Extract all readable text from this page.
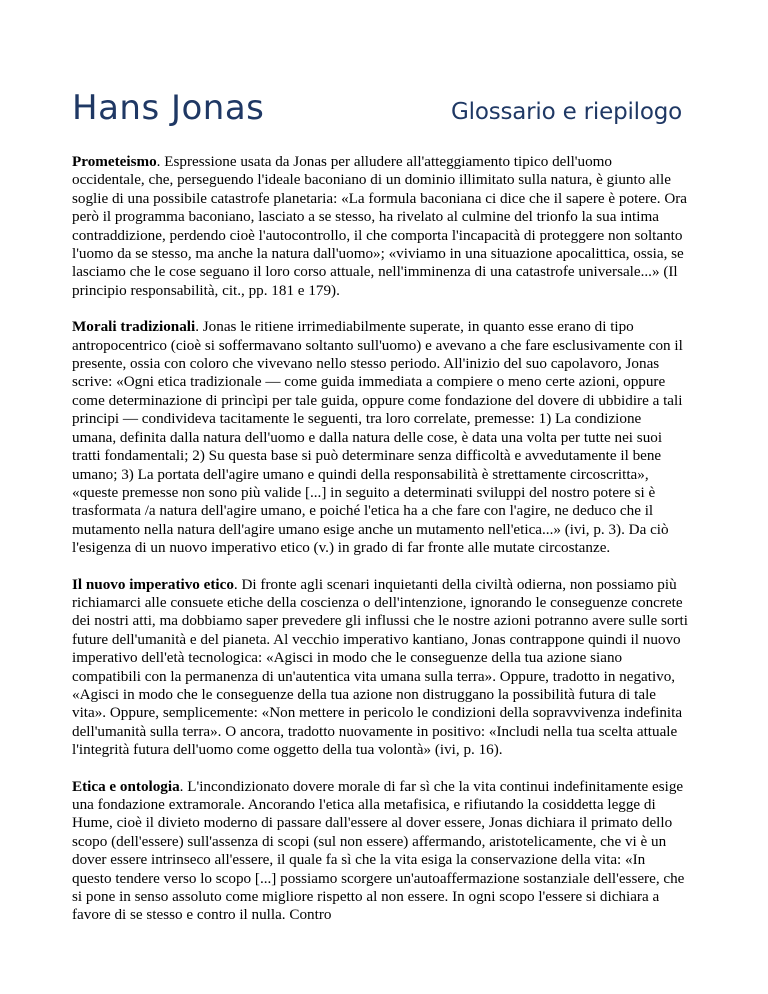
Hans Jonas	Glossario e riepilogo

Prometeismo. Espressione usata da Jonas per alludere all'atteggiamento tipico dell'uomo occidentale, che, perseguendo l'ideale baconiano di un dominio illimitato sulla natura, è giunto alle soglie di una possibile catastrofe planetaria: «La formula baconiana ci dice che il sapere è potere. Ora però il programma baconiano, lasciato a se stesso, ha rivelato al culmine del trionfo la sua intima contraddizione, perdendo cioè l'autocontrollo, il che comporta l'incapacità di proteggere non soltanto l'uomo da se stesso, ma anche la natura dall'uomo»; «viviamo in una situazione apocalittica, ossia, se lasciamo che le cose seguano il loro corso attuale, nell'imminenza di una catastrofe universale...» (Il principio responsabilità, cit., pp. 181 e 179).

Morali tradizionali. Jonas le ritiene irrimediabilmente superate, in quanto esse erano di tipo antropocentrico (cioè si soffermavano soltanto sull'uomo) e avevano a che fare esclusivamente con il presente, ossia con coloro che vivevano nello stesso periodo. All'inizio del suo capolavoro, Jonas scrive: «Ogni etica tradizionale — come guida immediata a compiere o meno certe azioni, oppure come determinazione di princìpi per tale guida, oppure come fondazione del dovere di ubbidire a tali principi — condivideva tacitamente le seguenti, tra loro correlate, premesse: 1) La condizione umana, definita dalla natura dell'uomo e dalla natura delle cose, è data una volta per tutte nei suoi tratti fondamentali; 2) Su questa base si può determinare senza difficoltà e avvedutamente il bene umano; 3) La portata dell'agire umano e quindi della responsabilità è strettamente circoscritta», «queste premesse non sono più valide [...] in seguito a determinati sviluppi del nostro potere si è trasformata /a natura dell'agire umano, e poiché l'etica ha a che fare con l'agire, ne deduco che il mutamento nella natura dell'agire umano esige anche un mutamento nell'etica...» (ivi, p. 3). Da ciò l'esigenza di un nuovo imperativo etico (v.) in grado di far fronte alle mutate circostanze.

Il nuovo imperativo etico. Di fronte agli scenari inquietanti della civiltà odierna, non possiamo più richiamarci alle consuete etiche della coscienza o dell'intenzione, ignorando le conseguenze concrete dei nostri atti, ma dobbiamo saper prevedere gli influssi che le nostre azioni potranno avere sulle sorti future dell'umanità e del pianeta. Al vecchio imperativo kantiano, Jonas contrappone quindi il nuovo imperativo dell'età tecnologica: «Agisci in modo che le conseguenze della tua azione siano compatibili con la permanenza di un'autentica vita umana sulla terra». Oppure, tradotto in negativo, «Agisci in modo che le conseguenze della tua azione non distruggano la possibilità futura di tale vita». Oppure, semplicemente: «Non mettere in pericolo le condizioni della sopravvivenza indefinita dell'umanità sulla terra». O ancora, tradotto nuovamente in positivo: «Includi nella tua scelta attuale l'integrità futura dell'uomo come oggetto della tua volontà» (ivi, p. 16).

Etica e ontologia. L'incondizionato dovere morale di far sì che la vita continui indefinitamente esige una fondazione extramorale. Ancorando l'etica alla metafisica, e rifiutando la cosiddetta legge di Hume, cioè il divieto moderno di passare dall'essere al dover essere, Jonas dichiara il primato dello scopo (dell'essere) sull'assenza di scopi (sul non essere) affermando, aristotelicamente, che vi è un dover essere intrinseco all'essere, il quale fa sì che la vita esiga la conservazione della vita: «In questo tendere verso lo scopo [...] possiamo scorgere un'autoaffermazione sostanziale dell'essere, che si pone in senso assoluto come migliore rispetto al non essere. In ogni scopo l'essere si dichiara a favore di se stesso e contro il nulla. Contro
